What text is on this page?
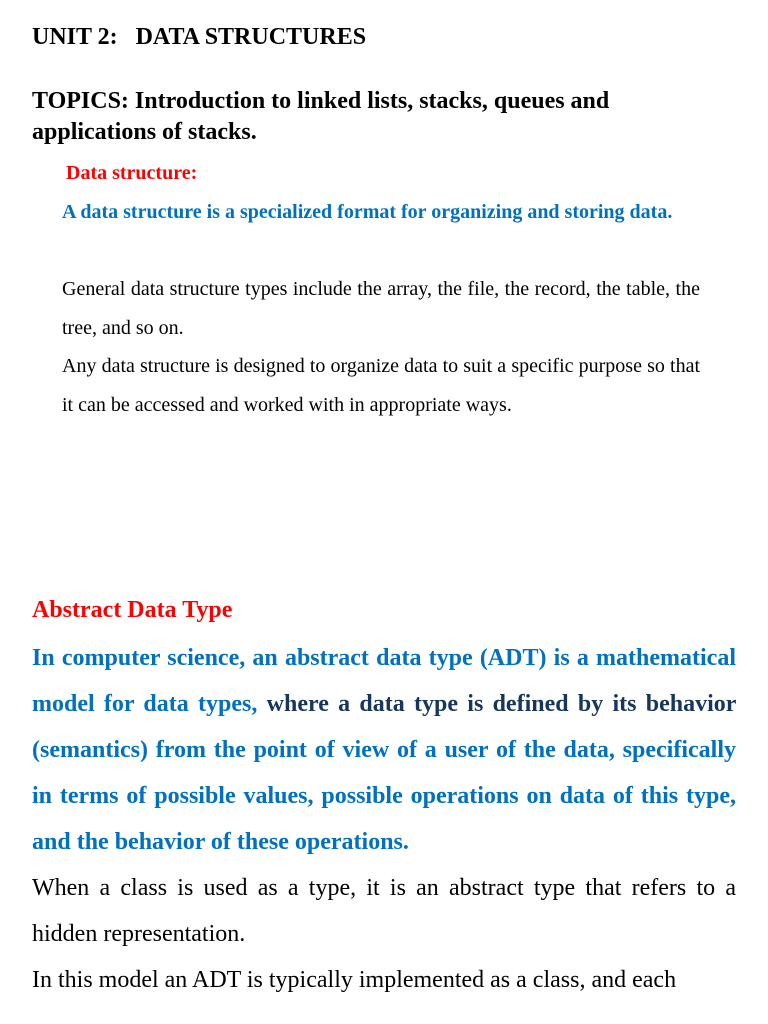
UNIT 2:   DATA STRUCTURES
TOPICS: Introduction to linked lists, stacks, queues and applications of stacks.
Data structure:

A data structure is a specialized format for organizing and storing data.

General data structure types include the array, the file, the record, the table, the tree, and so on.

Any data structure is designed to organize data to suit a specific purpose so that it can be accessed and worked with in appropriate ways.

Abstract Data Type

In computer science, an abstract data type (ADT) is a mathematical model for data types, where a data type is defined by its behavior (semantics) from the point of view of a user of the data, specifically in terms of possible values, possible operations on data of this type, and the behavior of these operations.

When a class is used as a type, it is an abstract type that refers to a hidden representation.

In this model an ADT is typically implemented as a class, and each
